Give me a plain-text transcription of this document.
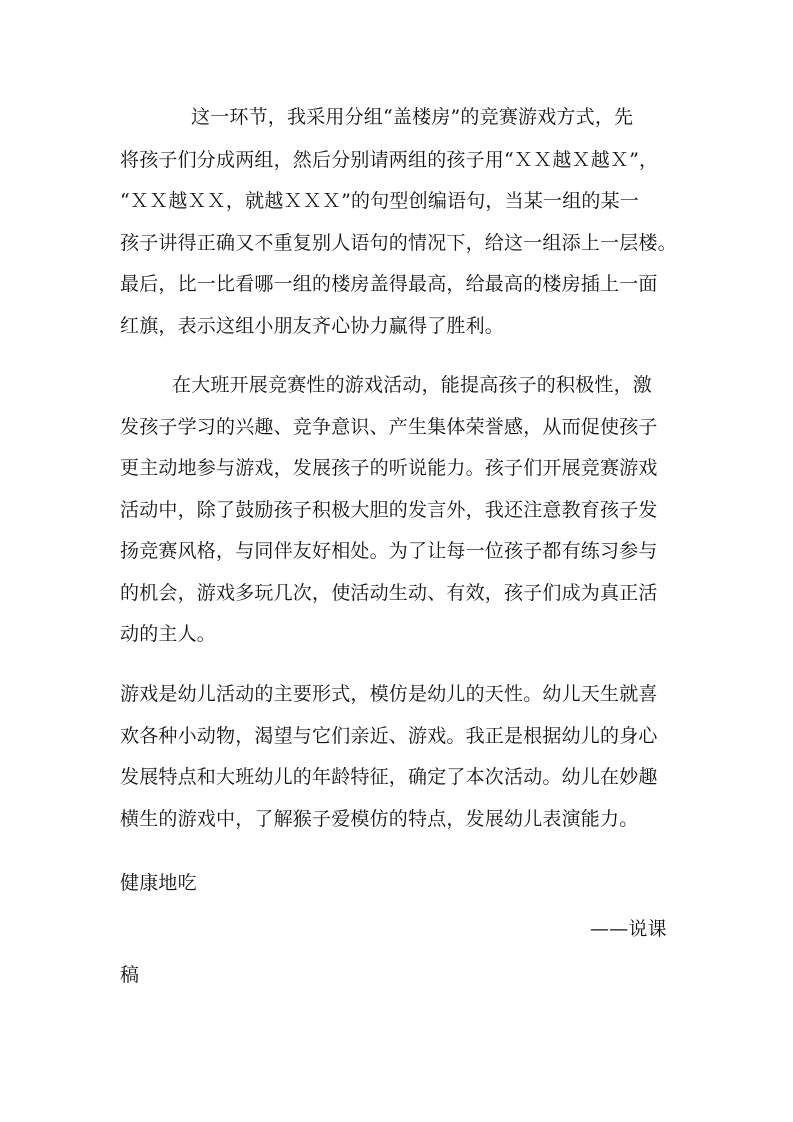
这一环节，我采用分组“盖楼房”的竞赛游戏方式，先
将孩子们分成两组，然后分别请两组的孩子用“ＸＸ越Ｘ越Ｘ”，
“ＸＸ越ＸＸ，就越ＸＸＸ”的句型创编语句，当某一组的某一
孩子讲得正确又不重复别人语句的情况下，给这一组添上一层楼。
最后，比一比看哪一组的楼房盖得最高，给最高的楼房插上一面
红旗，表示这组小朋友齐心协力赢得了胜利。
在大班开展竞赛性的游戏活动，能提高孩子的积极性，激
发孩子学习的兴趣、竞争意识、产生集体荣誉感，从而促使孩子
更主动地参与游戏，发展孩子的听说能力。孩子们开展竞赛游戏
活动中，除了鼓励孩子积极大胆的发言外，我还注意教育孩子发
扬竞赛风格，与同伴友好相处。为了让每一位孩子都有练习参与
的机会，游戏多玩几次，使活动生动、有效，孩子们成为真正活
动的主人。
游戏是幼儿活动的主要形式，模仿是幼儿的天性。幼儿天生就喜
欢各种小动物，渴望与它们亲近、游戏。我正是根据幼儿的身心
发展特点和大班幼儿的年龄特征，确定了本次活动。幼儿在妙趣
横生的游戏中，了解猴子爱模仿的特点，发展幼儿表演能力。
健康地吃
——说课
稿
